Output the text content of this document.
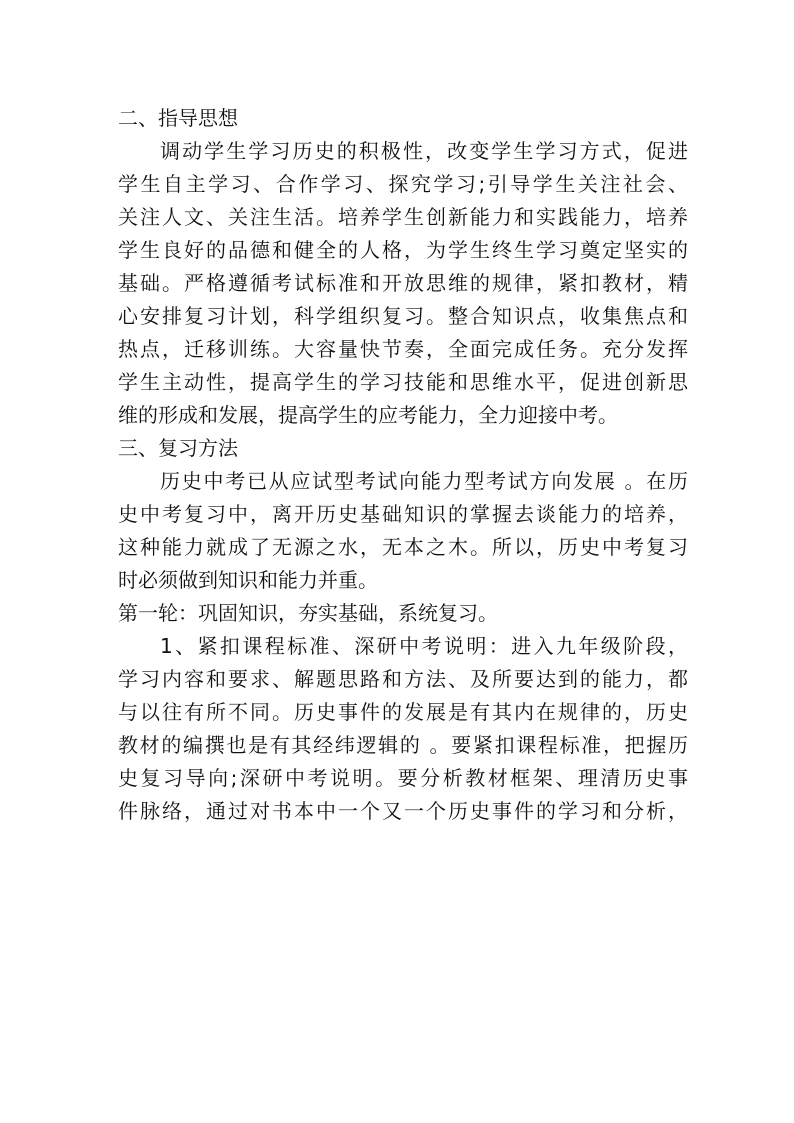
二、指导思想
调动学生学习历史的积极性，改变学生学习方式，促进
学生自主学习、合作学习、探究学习;引导学生关注社会、
关注人文、关注生活。培养学生创新能力和实践能力，培养
学生良好的品德和健全的人格，为学生终生学习奠定坚实的
基础。严格遵循考试标准和开放思维的规律，紧扣教材，精
心安排复习计划，科学组织复习。整合知识点，收集焦点和
热点，迁移训练。大容量快节奏，全面完成任务。充分发挥
学生主动性，提高学生的学习技能和思维水平，促进创新思
维的形成和发展，提高学生的应考能力，全力迎接中考。
三、复习方法
历史中考已从应试型考试向能力型考试方向发展 。在历
史中考复习中，离开历史基础知识的掌握去谈能力的培养，
这种能力就成了无源之水，无本之木。所以，历史中考复习
时必须做到知识和能力并重。
第一轮：巩固知识，夯实基础，系统复习。
1、紧扣课程标准、深研中考说明：进入九年级阶段，
学习内容和要求、解题思路和方法、及所要达到的能力，都
与以往有所不同。历史事件的发展是有其内在规律的，历史
教材的编撰也是有其经纬逻辑的 。要紧扣课程标准，把握历
史复习导向;深研中考说明。要分析教材框架、理清历史事
件脉络，通过对书本中一个又一个历史事件的学习和分析，
